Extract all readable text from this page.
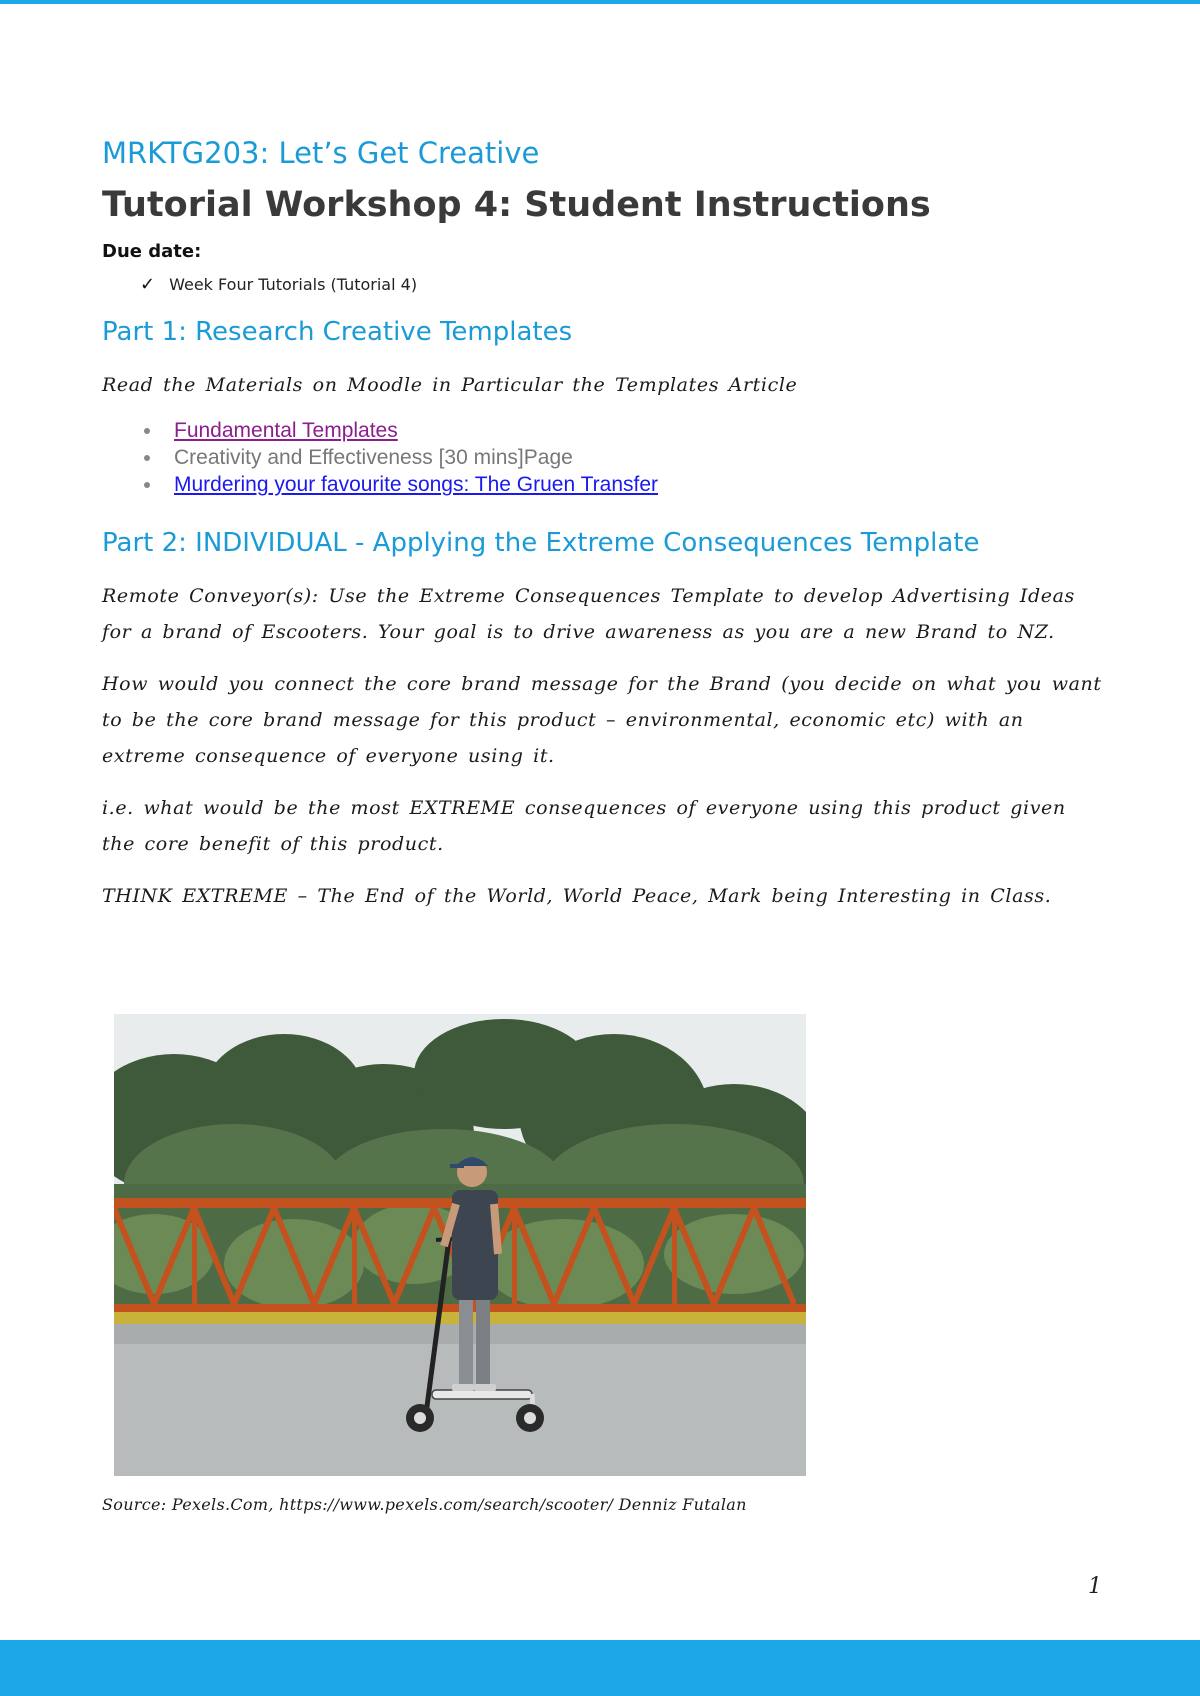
MRKTG203: Let’s Get Creative
Tutorial Workshop 4: Student Instructions
Due date:
✓ Week Four Tutorials (Tutorial 4)
Part 1: Research Creative Templates
Read the Materials on Moodle in Particular the Templates Article
Fundamental Templates
Creativity and Effectiveness [30 mins]Page
Murdering your favourite songs: The Gruen Transfer
Part 2: INDIVIDUAL - Applying the Extreme Consequences Template
Remote Conveyor(s): Use the Extreme Consequences Template to develop Advertising Ideas for a brand of Escooters. Your goal is to drive awareness as you are a new Brand to NZ.
How would you connect the core brand message for the Brand (you decide on what you want to be the core brand message for this product – environmental, economic etc) with an extreme consequence of everyone using it.
i.e. what would be the most EXTREME consequences of everyone using this product given the core benefit of this product.
THINK EXTREME – The End of the World, World Peace, Mark being Interesting in Class.
Source: Pexels.Com, https://www.pexels.com/search/scooter/ Denniz Futalan
1
